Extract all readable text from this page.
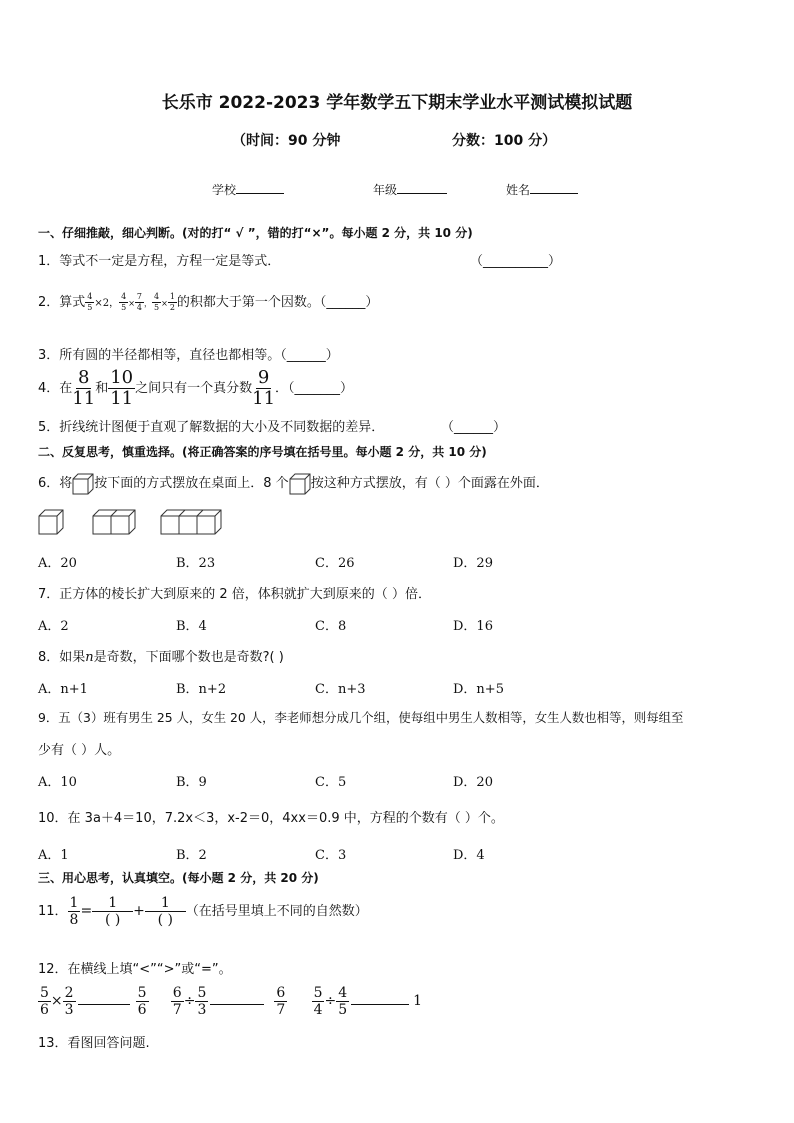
长乐市 2022-2023 学年数学五下期末学业水平测试模拟试题
（时间：90 分钟	分数：100 分）
学校	年级	姓名
一、仔细推敲，细心判断。(对的打“ √ ”，错的打“×”。每小题 2 分，共 10 分)
1．等式不一定是方程，方程一定是等式．	（__________）
2．算式 $\frac{4}{5} \times 2$， $\frac{4}{5} \times \frac{7}{4}$ ， $\frac{4}{5} \times \frac{1}{2}$ 的积都大于第一个因数。（______）
3．所有圆的半径都相等，直径也都相等。（______）
4．在 $\frac{8}{11}$ 和 $\frac{10}{11}$ 之间只有一个真分数 $\frac{9}{11}$ ．（_______）
5．折线统计图便于直观了解数据的大小及不同数据的差异．	（______）
二、反复思考，慎重选择。(将正确答案的序号填在括号里。每小题 2 分，共 10 分)
6．将 按下面的方式摆放在桌面上．8 个 按这种方式摆放，有（ ）个面露在外面．
A．20	B．23	C．26	D．29
7．正方体的棱长扩大到原来的 2 倍，体积就扩大到原来的（ ）倍．
A．2	B．4	C．8	D．16
8．如果n是奇数，下面哪个数也是奇数?( )
A．n+1	B．n+2	C．n+3	D．n+5
9．五（3）班有男生 25 人，女生 20 人，李老师想分成几个组，使每组中男生人数相等，女生人数也相等，则每组至
少有（ ）人。
A．10	B．9	C．5	D．20
10．在 3a＋4＝10，7.2x＜3，x-2＝0，4xx＝0.9 中，方程的个数有（ ）个。
A．1	B．2	C．3	D．4
三、用心思考，认真填空。(每小题 2 分，共 20 分)
11． $\frac{1}{8} = \frac{1}{( )} + \frac{1}{( )}$ （在括号里填上不同的自然数）
12．在横线上填“<”“>”或“=”。
$\frac{5}{6} \times \frac{2}{3}$	$\frac{5}{6}$
$\frac{6}{7} \div \frac{5}{3}$	$\frac{6}{7}$
$\frac{5}{4} \div \frac{4}{5}$	1
13．看图回答问题.
